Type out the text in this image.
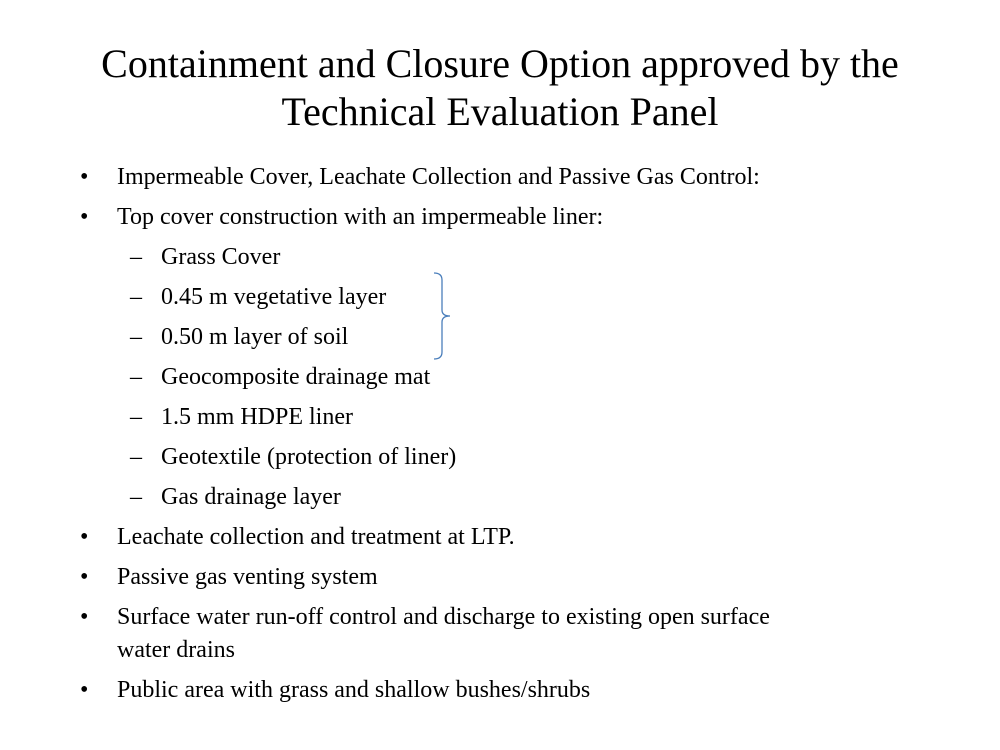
Containment and Closure Option approved by the Technical Evaluation Panel
•	Impermeable Cover, Leachate Collection and Passive Gas Control:
•	Top cover construction with an impermeable liner:
– Grass Cover
– 0.45 m vegetative layer
– 0.50 m layer of soil
– Geocomposite drainage mat
– 1.5 mm HDPE liner
– Geotextile (protection of liner)
– Gas drainage layer
•	Leachate collection and treatment at LTP.
•	Passive gas venting system
•	Surface water run-off control and discharge to existing open surface
water drains
•	Public area with grass and shallow bushes/shrubs
